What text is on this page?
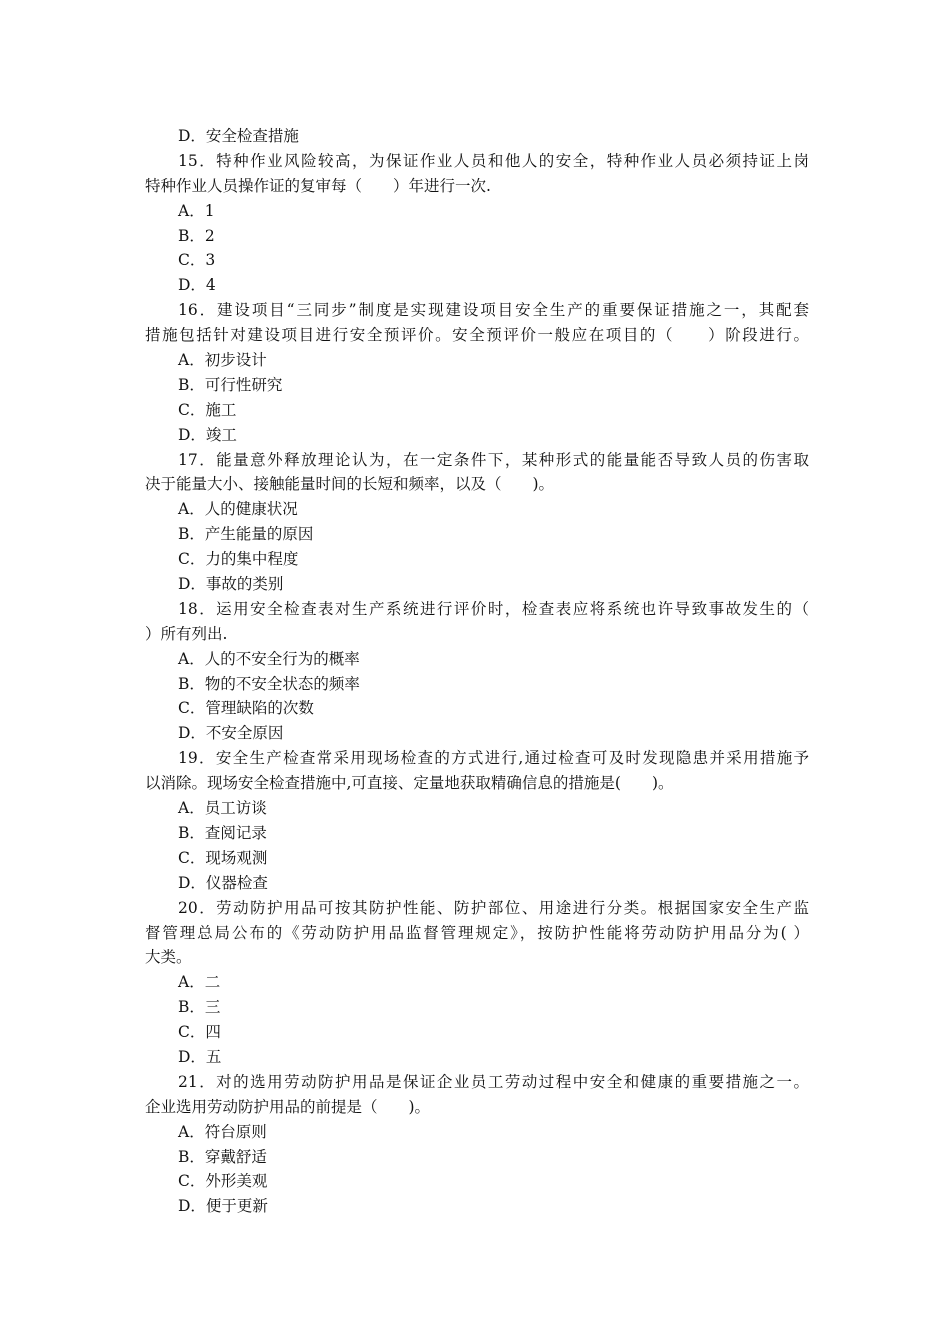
D．安全检查措施
15．特种作业风险较高，为保证作业人员和他人的安全，特种作业人员必须持证上岗
特种作业人员操作证的复审每（　　）年进行一次.
A．1
B．2
C．3
D．4
16．建设项目“三同步”制度是实现建设项目安全生产的重要保证措施之一，其配套
措施包括针对建设项目进行安全预评价。安全预评价一般应在项目的（　　）阶段进行。
A．初步设计
B．可行性研究
C．施工
D．竣工
17．能量意外释放理论认为，在一定条件下，某种形式的能量能否导致人员的伤害取
决于能量大小、接触能量时间的长短和频率，以及（　　)。
A．人的健康状况
B．产生能量的原因
C．力的集中程度
D．事故的类别
18．运用安全检查表对生产系统进行评价时，检查表应将系统也许导致事故发生的（
）所有列出.
A．人的不安全行为的概率
B．物的不安全状态的频率
C．管理缺陷的次数
D．不安全原因
19．安全生产检查常采用现场检查的方式进行,通过检查可及时发现隐患并采用措施予
以消除。现场安全检查措施中,可直接、定量地获取精确信息的措施是(　　)。
A．员工访谈
B．查阅记录
C．现场观测
D．仪器检查
20．劳动防护用品可按其防护性能、防护部位、用途进行分类。根据国家安全生产监
督管理总局公布的《劳动防护用品监督管理规定》，按防护性能将劳动防护用品分为( ）
大类。
A．二
B．三
C．四
D．五
21．对的选用劳动防护用品是保证企业员工劳动过程中安全和健康的重要措施之一。
企业选用劳动防护用品的前提是（　　)。
A．符台原则
B．穿戴舒适
C．外形美观
D．便于更新
